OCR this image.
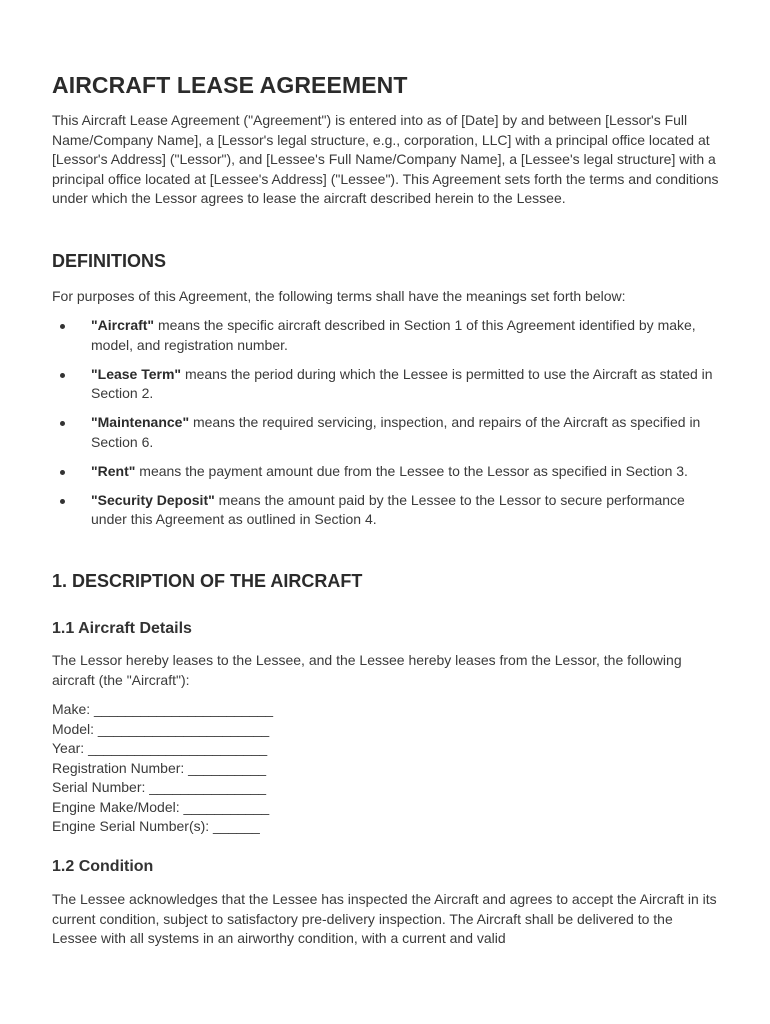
AIRCRAFT LEASE AGREEMENT

This Aircraft Lease Agreement ("Agreement") is entered into as of [Date] by and between [Lessor's Full Name/Company Name], a [Lessor's legal structure, e.g., corporation, LLC] with a principal office located at [Lessor's Address] ("Lessor"), and [Lessee's Full Name/Company Name], a [Lessee's legal structure] with a principal office located at [Lessee's Address] ("Lessee"). This Agreement sets forth the terms and conditions under which the Lessor agrees to lease the aircraft described herein to the Lessee.

DEFINITIONS

For purposes of this Agreement, the following terms shall have the meanings set forth below:

"Aircraft" means the specific aircraft described in Section 1 of this Agreement identified by make, model, and registration number.
"Lease Term" means the period during which the Lessee is permitted to use the Aircraft as stated in Section 2.
"Maintenance" means the required servicing, inspection, and repairs of the Aircraft as specified in Section 6.
"Rent" means the payment amount due from the Lessee to the Lessor as specified in Section 3.
"Security Deposit" means the amount paid by the Lessee to the Lessor to secure performance under this Agreement as outlined in Section 4.
1. DESCRIPTION OF THE AIRCRAFT
1.1 Aircraft Details

The Lessor hereby leases to the Lessee, and the Lessee hereby leases from the Lessor, the following aircraft (the "Aircraft"):

Make: _______________________
Model: ______________________
Year: _______________________
Registration Number: __________
Serial Number: _______________
Engine Make/Model: ___________
Engine Serial Number(s): ______
1.2 Condition

The Lessee acknowledges that the Lessee has inspected the Aircraft and agrees to accept the Aircraft in its current condition, subject to satisfactory pre-delivery inspection. The Aircraft shall be delivered to the Lessee with all systems in an airworthy condition, with a current and valid
